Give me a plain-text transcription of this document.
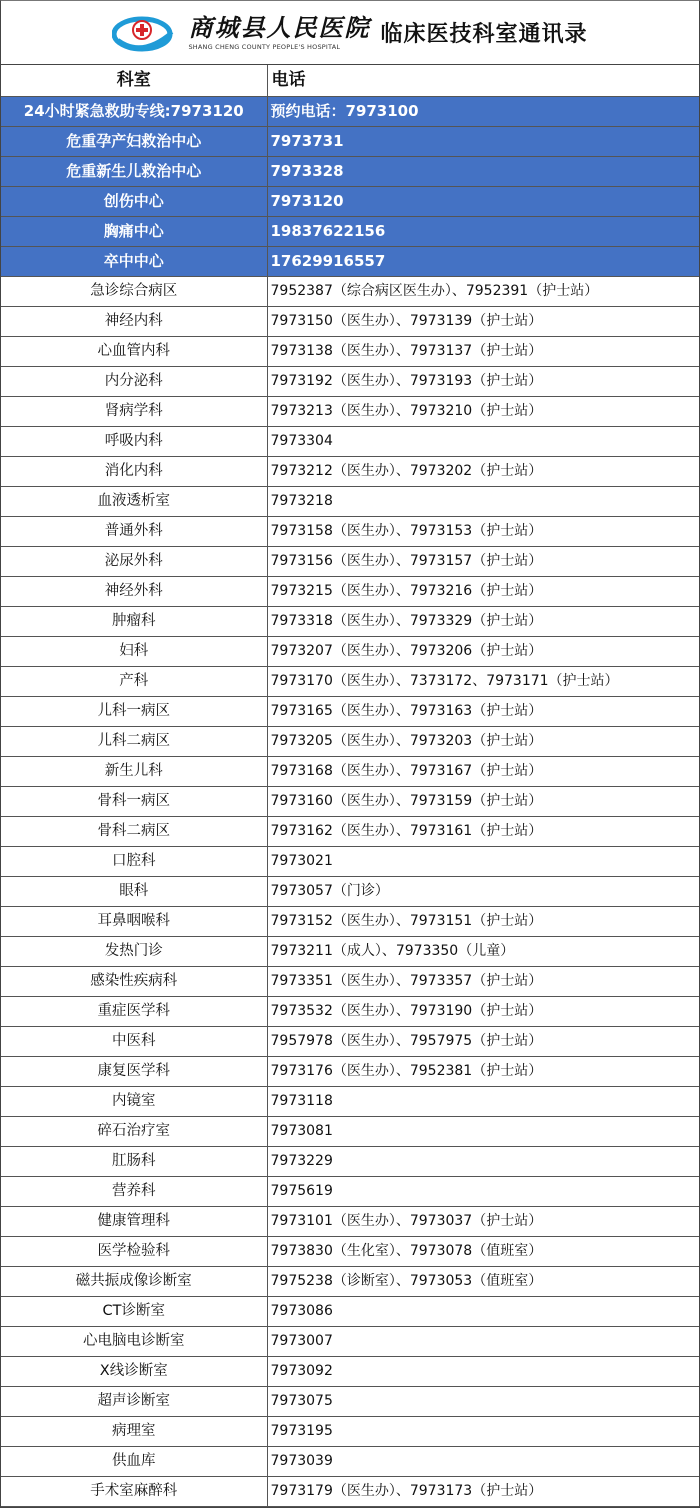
商城县人民医院
SHANG CHENG COUNTY PEOPLE'S HOSPITAL 临床医技科室通讯录
科室	电话
24小时紧急救助专线:7973120	预约电话：7973100
危重孕产妇救治中心	7973731
危重新生儿救治中心	7973328
创伤中心	7973120
胸痛中心	19837622156
卒中中心	17629916557
急诊综合病区	7952387（综合病区医生办）、7952391（护士站）
神经内科	7973150（医生办）、7973139（护士站）
心血管内科	7973138（医生办）、7973137（护士站）
内分泌科	7973192（医生办）、7973193（护士站）
肾病学科	7973213（医生办）、7973210（护士站）
呼吸内科	7973304
消化内科	7973212（医生办）、7973202（护士站）
血液透析室	7973218
普通外科	7973158（医生办）、7973153（护士站）
泌尿外科	7973156（医生办）、7973157（护士站）
神经外科	7973215（医生办）、7973216（护士站）
肿瘤科	7973318（医生办）、7973329（护士站）
妇科	7973207（医生办）、7973206（护士站）
产科	7973170（医生办）、7373172、7973171（护士站）
儿科一病区	7973165（医生办）、7973163（护士站）
儿科二病区	7973205（医生办）、7973203（护士站）
新生儿科	7973168（医生办）、7973167（护士站）
骨科一病区	7973160（医生办）、7973159（护士站）
骨科二病区	7973162（医生办）、7973161（护士站）
口腔科	7973021
眼科	7973057（门诊）
耳鼻咽喉科	7973152（医生办）、7973151（护士站）
发热门诊	7973211（成人）、7973350（儿童）
感染性疾病科	7973351（医生办）、7973357（护士站）
重症医学科	7973532（医生办）、7973190（护士站）
中医科	7957978（医生办）、7957975（护士站）
康复医学科	7973176（医生办）、7952381（护士站）
内镜室	7973118
碎石治疗室	7973081
肛肠科	7973229
营养科	7975619
健康管理科	7973101（医生办）、7973037（护士站）
医学检验科	7973830（生化室）、7973078（值班室）
磁共振成像诊断室	7975238（诊断室）、7973053（值班室）
CT诊断室	7973086
心电脑电诊断室	7973007
X线诊断室	7973092
超声诊断室	7973075
病理室	7973195
供血库	7973039
手术室麻醉科	7973179（医生办）、7973173（护士站）
